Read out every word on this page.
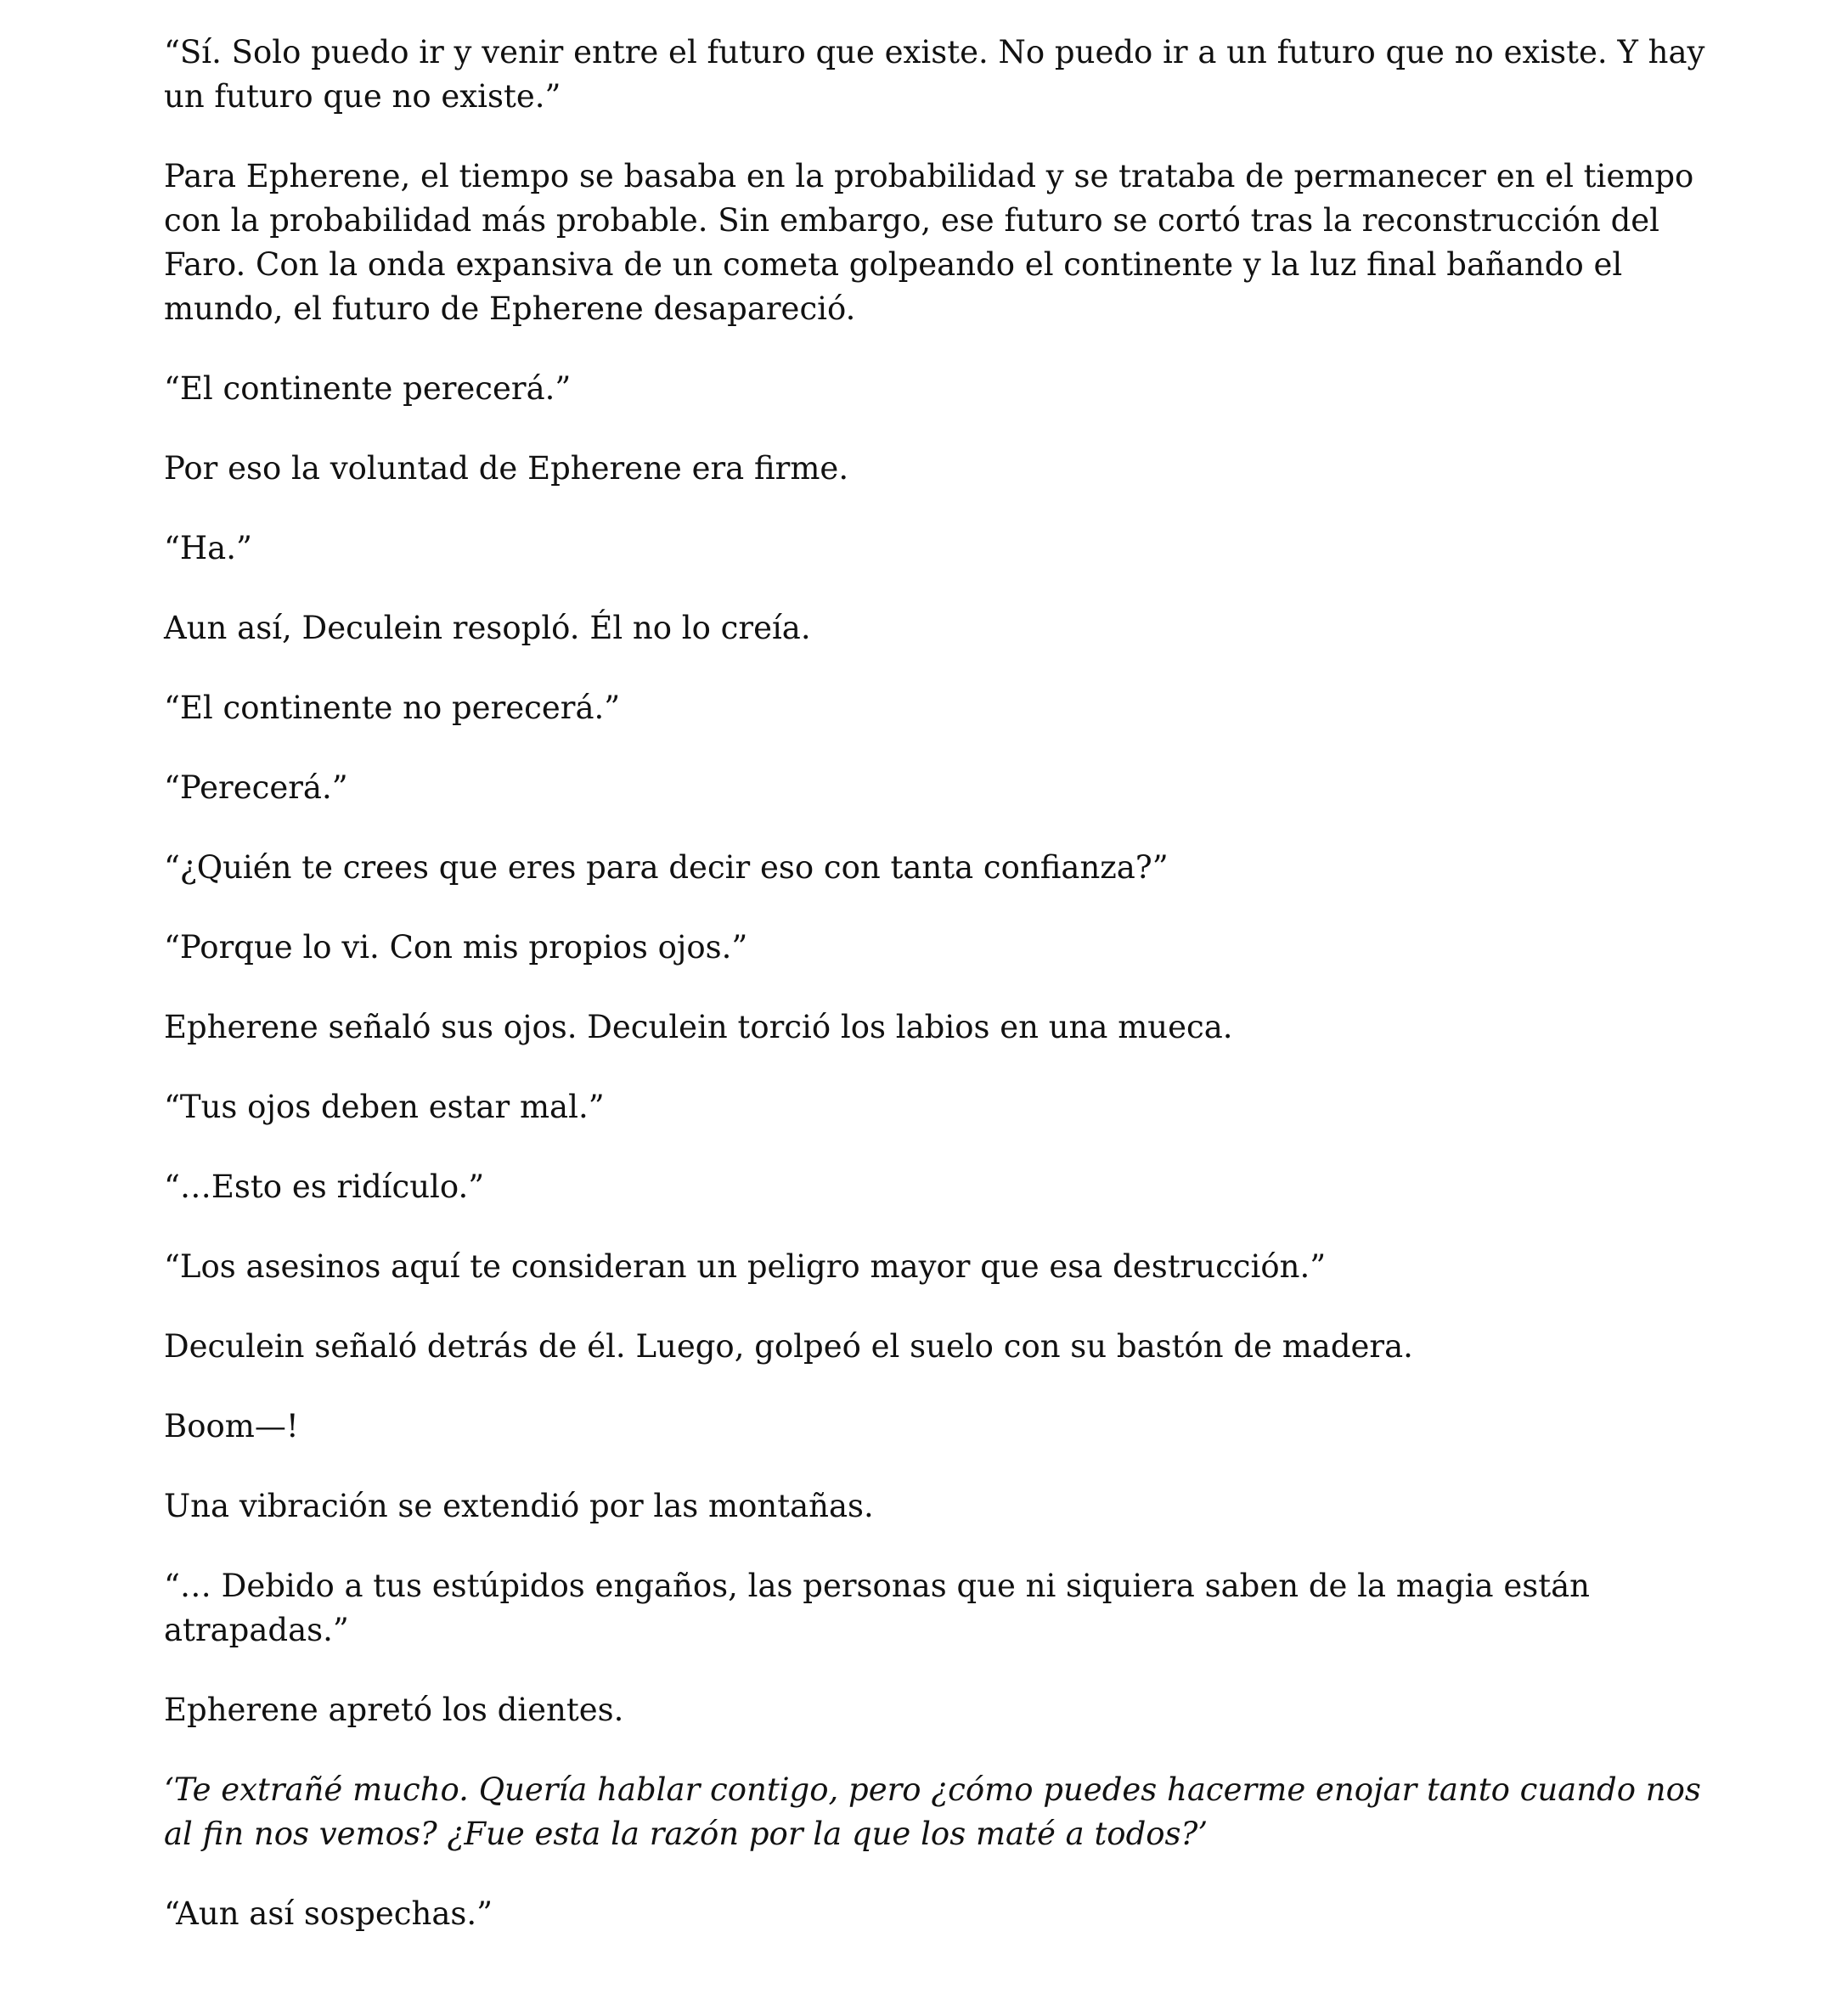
“Sí. Solo puedo ir y venir entre el futuro que existe. No puedo ir a un futuro que no existe. Y hay un futuro que no existe.”

Para Epherene, el tiempo se basaba en la probabilidad y se trataba de permanecer en el tiempo con la probabilidad más probable. Sin embargo, ese futuro se cortó tras la reconstrucción del Faro. Con la onda expansiva de un cometa golpeando el continente y la luz final bañando el mundo, el futuro de Epherene desapareció.

“El continente perecerá.”

Por eso la voluntad de Epherene era firme.

“Ha.”

Aun así, Deculein resopló. Él no lo creía.

“El continente no perecerá.”

“Perecerá.”

“¿Quién te crees que eres para decir eso con tanta confianza?”

“Porque lo vi. Con mis propios ojos.”

Epherene señaló sus ojos. Deculein torció los labios en una mueca.

“Tus ojos deben estar mal.”

“…Esto es ridículo.”

“Los asesinos aquí te consideran un peligro mayor que esa destrucción.”

Deculein señaló detrás de él. Luego, golpeó el suelo con su bastón de madera.

Boom—!

Una vibración se extendió por las montañas.

“… Debido a tus estúpidos engaños, las personas que ni siquiera saben de la magia están atrapadas.”

Epherene apretó los dientes.

‘Te extrañé mucho. Quería hablar contigo, pero ¿cómo puedes hacerme enojar tanto cuando nos al fin nos vemos? ¿Fue esta la razón por la que los maté a todos?’

“Aun así sospechas.”
